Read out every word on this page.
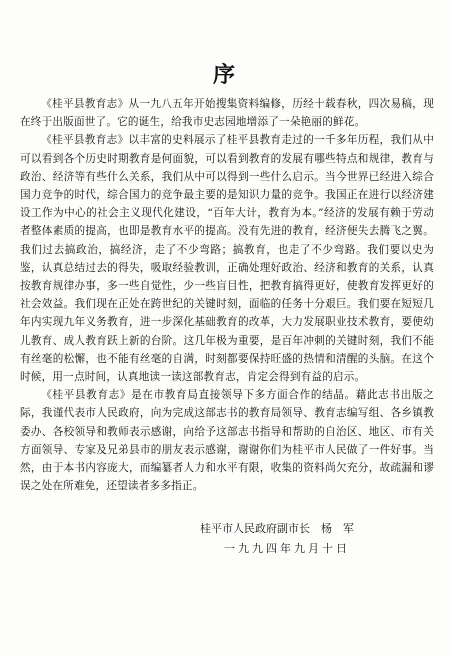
序

《桂平县教育志》从一九八五年开始搜集资料编修，历经十载春秋，四次易稿，现在终于出版面世了。它的诞生，给我市史志园地增添了一朵艳丽的鲜花。

《桂平县教育志》以丰富的史料展示了桂平县教育走过的一千多年历程，我们从中可以看到各个历史时期教育是何面貌，可以看到教育的发展有哪些特点和规律，教育与政治、经济等有些什么关系，我们从中可以得到一些什么启示。当今世界已经进入综合国力竞争的时代，综合国力的竞争最主要的是知识力量的竞争。我国正在进行以经济建设工作为中心的社会主义现代化建设，“百年大计，教育为本。”经济的发展有赖于劳动者整体素质的提高，也即是教育水平的提高。没有先进的教育，经济便失去腾飞之翼。我们过去搞政治，搞经济，走了不少弯路；搞教育，也走了不少弯路。我们要以史为鉴，认真总结过去的得失，吸取经验教训，正确处理好政治、经济和教育的关系，认真按教育规律办事，多一些自觉性，少一些盲目性，把教育搞得更好，使教育发挥更好的社会效益。我们现在正处在跨世纪的关键时刻，面临的任务十分艰巨。我们要在短短几年内实现九年义务教育，进一步深化基础教育的改革，大力发展职业技术教育，要使幼儿教育、成人教育跃上新的台阶。这几年极为重要，是百年冲刺的关键时刻，我们不能有丝毫的松懈，也不能有丝毫的自满，时刻都要保持旺盛的热情和清醒的头脑。在这个时候，用一点时间，认真地读一读这部教育志，肯定会得到有益的启示。

《桂平县教育志》是在市教育局直接领导下多方面合作的结晶。藉此志书出版之际，我谨代表市人民政府，向为完成这部志书的教育局领导、教育志编写组、各乡镇教委办、各校领导和教师表示感谢，向给予这部志书指导和帮助的自治区、地区、市有关方面领导、专家及兄弟县市的朋友表示感谢，谢谢你们为桂平市人民做了一件好事。当然，由于本书内容庞大，而编纂者人力和水平有限，收集的资料尚欠充分，故疏漏和谬误之处在所难免，还望读者多多指正。

桂平市人民政府副市长　杨　军
一九九四年九月十日
